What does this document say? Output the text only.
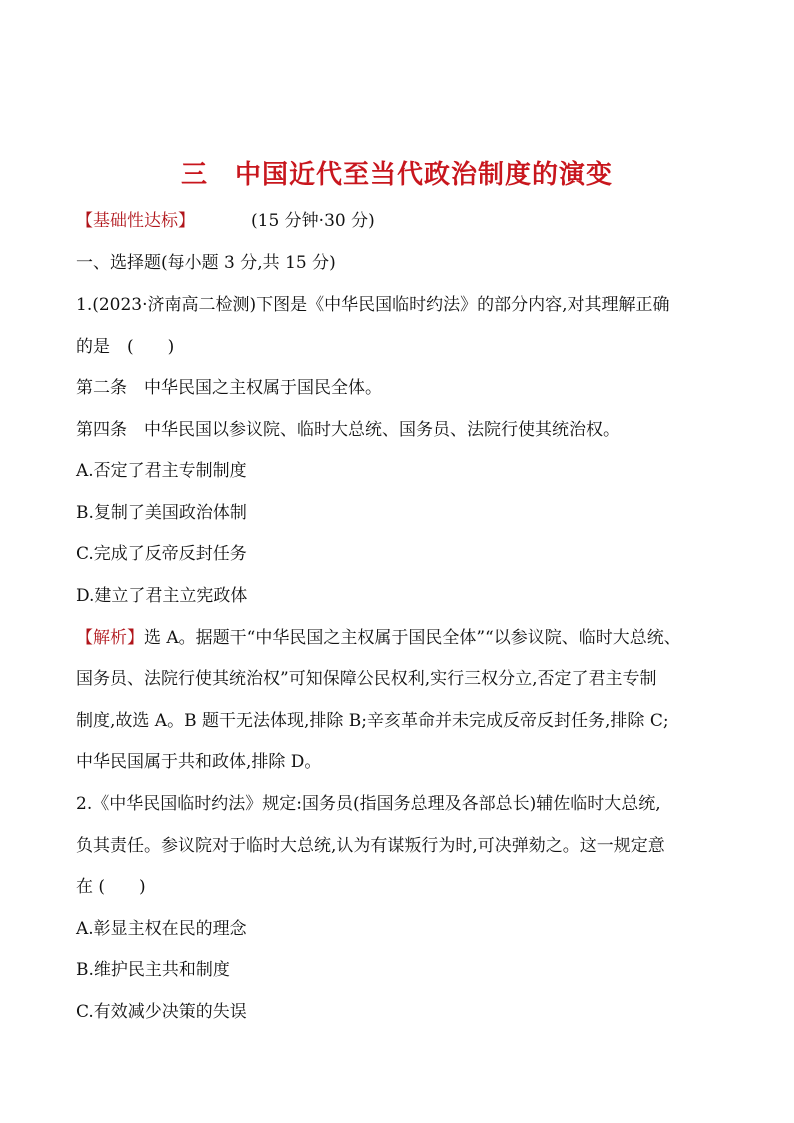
三　中国近代至当代政治制度的演变
【基础性达标】	(15 分钟·30 分)
一、选择题(每小题 3 分,共 15 分)
1.(2023·济南高二检测)下图是《中华民国临时约法》的部分内容,对其理解正确
的是　(　　)
第二条　中华民国之主权属于国民全体。
第四条　中华民国以参议院、临时大总统、国务员、法院行使其统治权。
A.否定了君主专制制度
B.复制了美国政治体制
C.完成了反帝反封任务
D.建立了君主立宪政体
【解析】选 A。据题干“中华民国之主权属于国民全体”“以参议院、临时大总统、
国务员、法院行使其统治权”可知保障公民权利,实行三权分立,否定了君主专制
制度,故选 A。B 题干无法体现,排除 B;辛亥革命并未完成反帝反封任务,排除 C;
中华民国属于共和政体,排除 D。
2.《中华民国临时约法》规定:国务员(指国务总理及各部总长)辅佐临时大总统,
负其责任。参议院对于临时大总统,认为有谋叛行为时,可决弹劾之。这一规定意
在 (　　)
A.彰显主权在民的理念
B.维护民主共和制度
C.有效减少决策的失误
